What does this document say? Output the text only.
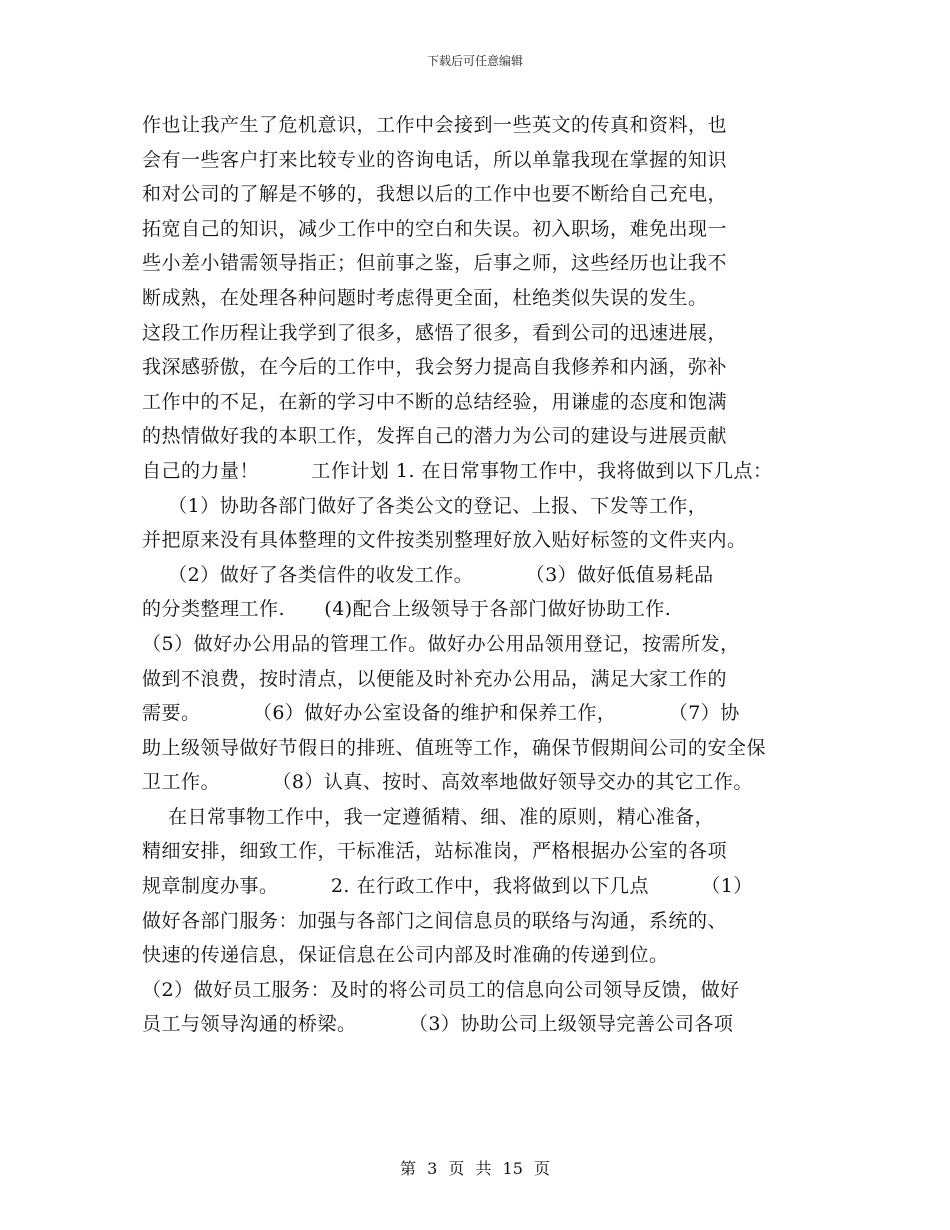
下载后可任意编辑
作也让我产生了危机意识，工作中会接到一些英文的传真和资料，也
会有一些客户打来比较专业的咨询电话，所以单靠我现在掌握的知识
和对公司的了解是不够的，我想以后的工作中也要不断给自己充电，
拓宽自己的知识，减少工作中的空白和失误。初入职场，难免出现一
些小差小错需领导指正；但前事之鉴，后事之师，这些经历也让我不
断成熟，在处理各种问题时考虑得更全面，杜绝类似失误的发生。
这段工作历程让我学到了很多，感悟了很多，看到公司的迅速进展，
我深感骄傲，在今后的工作中，我会努力提高自我修养和内涵，弥补
工作中的不足，在新的学习中不断的总结经验，用谦虚的态度和饱满
的热情做好我的本职工作，发挥自己的潜力为公司的建设与进展贡献
自己的力量！        工作计划 1. 在日常事物工作中，我将做到以下几点：
（1）协助各部门做好了各类公文的登记、上报、下发等工作，
并把原来没有具体整理的文件按类别整理好放入贴好标签的文件夹内。
（2）做好了各类信件的收发工作。        （3）做好低值易耗品
的分类整理工作.      (4)配合上级领导于各部门做好协助工作.
（5）做好办公用品的管理工作。做好办公用品领用登记，按需所发，
做到不浪费，按时清点，以便能及时补充办公用品，满足大家工作的
需要。        （6）做好办公室设备的维护和保养工作，        （7）协
助上级领导做好节假日的排班、值班等工作，确保节假期间公司的安全保
卫工作。        （8）认真、按时、高效率地做好领导交办的其它工作。
在日常事物工作中，我一定遵循精、细、准的原则，精心准备，
精细安排，细致工作，干标准活，站标准岗，严格根据办公室的各项
规章制度办事。        2. 在行政工作中，我将做到以下几点        （1）
做好各部门服务：加强与各部门之间信息员的联络与沟通，系统的、
快速的传递信息，保证信息在公司内部及时准确的传递到位。
（2）做好员工服务：及时的将公司员工的信息向公司领导反馈，做好
员工与领导沟通的桥梁。        （3）协助公司上级领导完善公司各项
第 3 页 共 15 页
